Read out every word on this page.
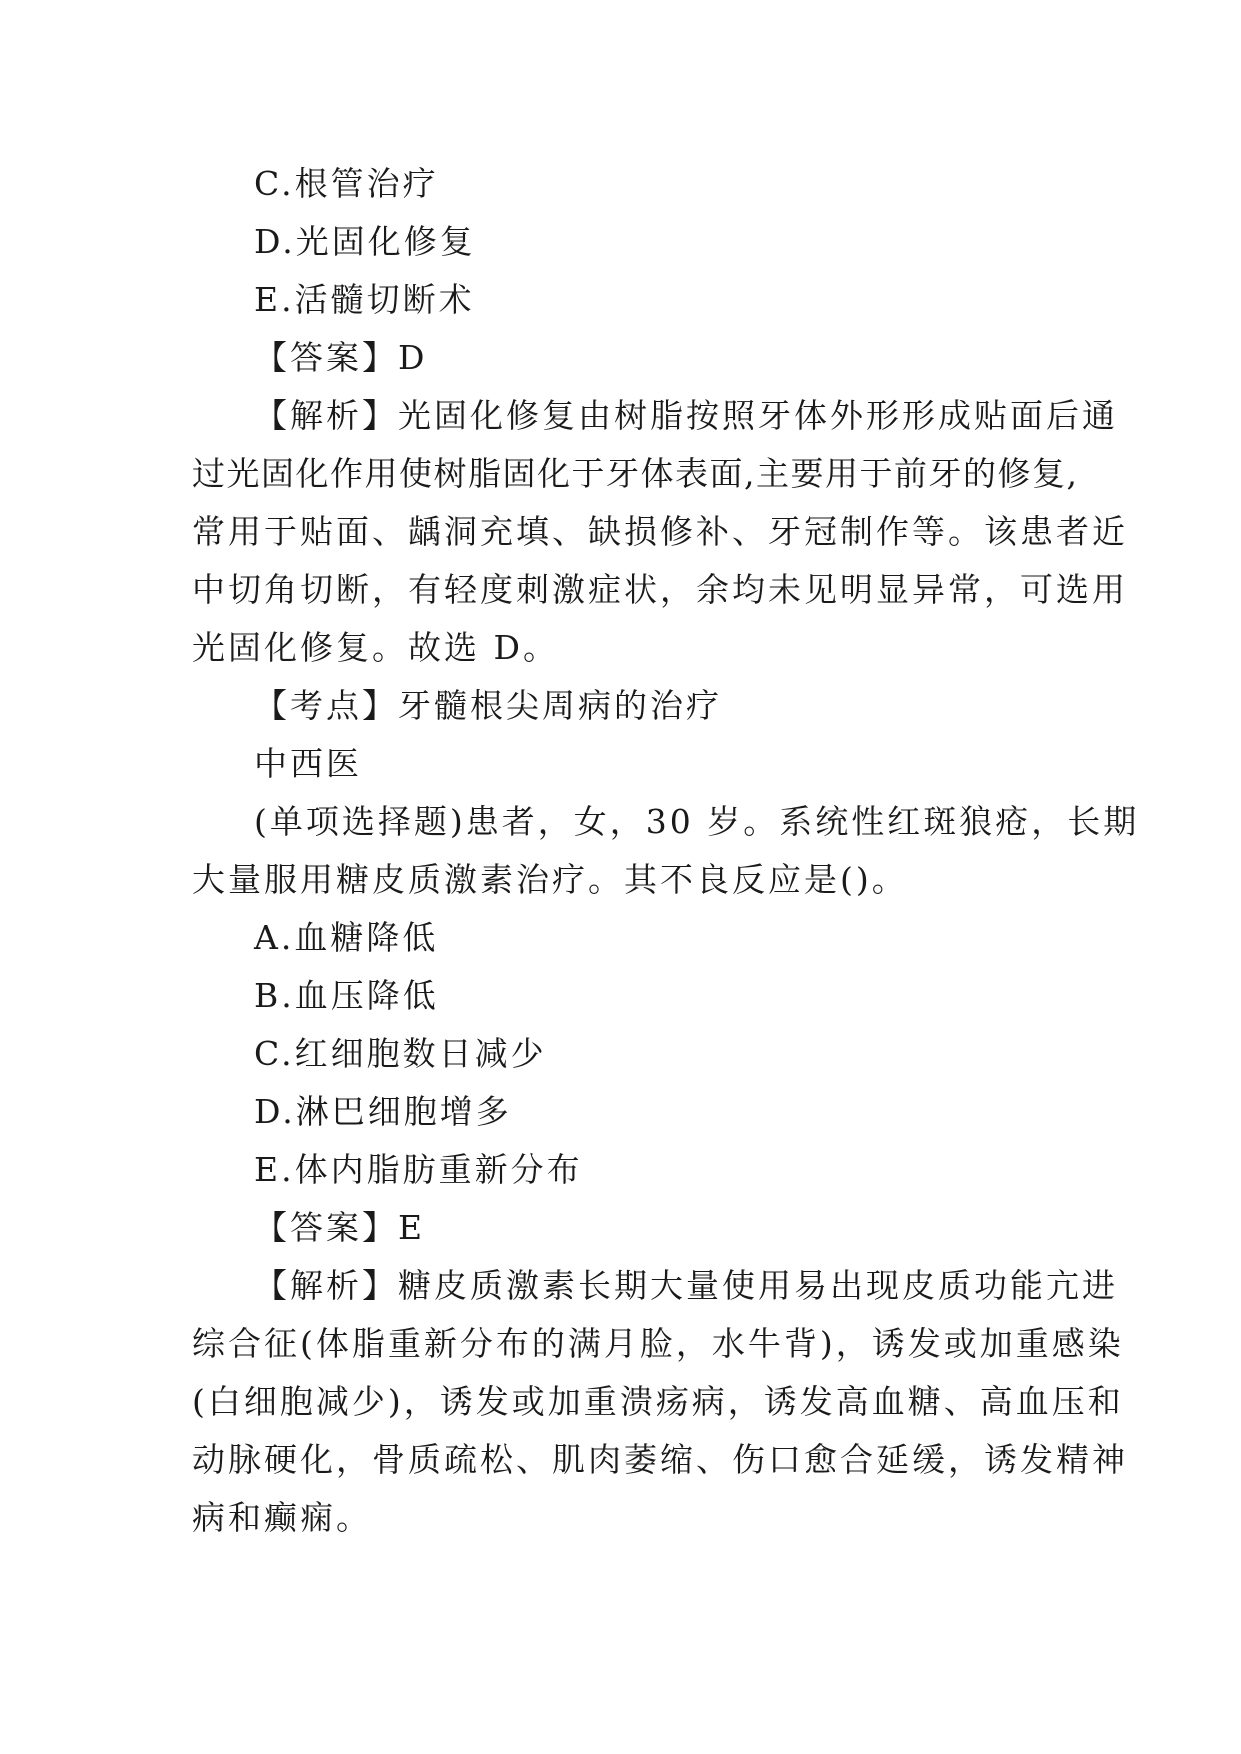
C.根管治疗
D.光固化修复
E.活髓切断术
【答案】D
【解析】光固化修复由树脂按照牙体外形形成贴面后通
过光固化作用使树脂固化于牙体表面,主要用于前牙的修复,
常用于贴面、龋洞充填、缺损修补、牙冠制作等。该患者近
中切角切断，有轻度刺激症状，余均未见明显异常，可选用
光固化修复。故选 D。
【考点】牙髓根尖周病的治疗
中西医
(单项选择题)患者，女，30 岁。系统性红斑狼疮，长期
大量服用糖皮质激素治疗。其不良反应是()。
A.血糖降低
B.血压降低
C.红细胞数日减少
D.淋巴细胞增多
E.体内脂肪重新分布
【答案】E
【解析】糖皮质激素长期大量使用易出现皮质功能亢进
综合征(体脂重新分布的满月脸，水牛背)，诱发或加重感染
(白细胞减少)，诱发或加重溃疡病，诱发高血糖、高血压和
动脉硬化，骨质疏松、肌肉萎缩、伤口愈合延缓，诱发精神
病和癫痫。
